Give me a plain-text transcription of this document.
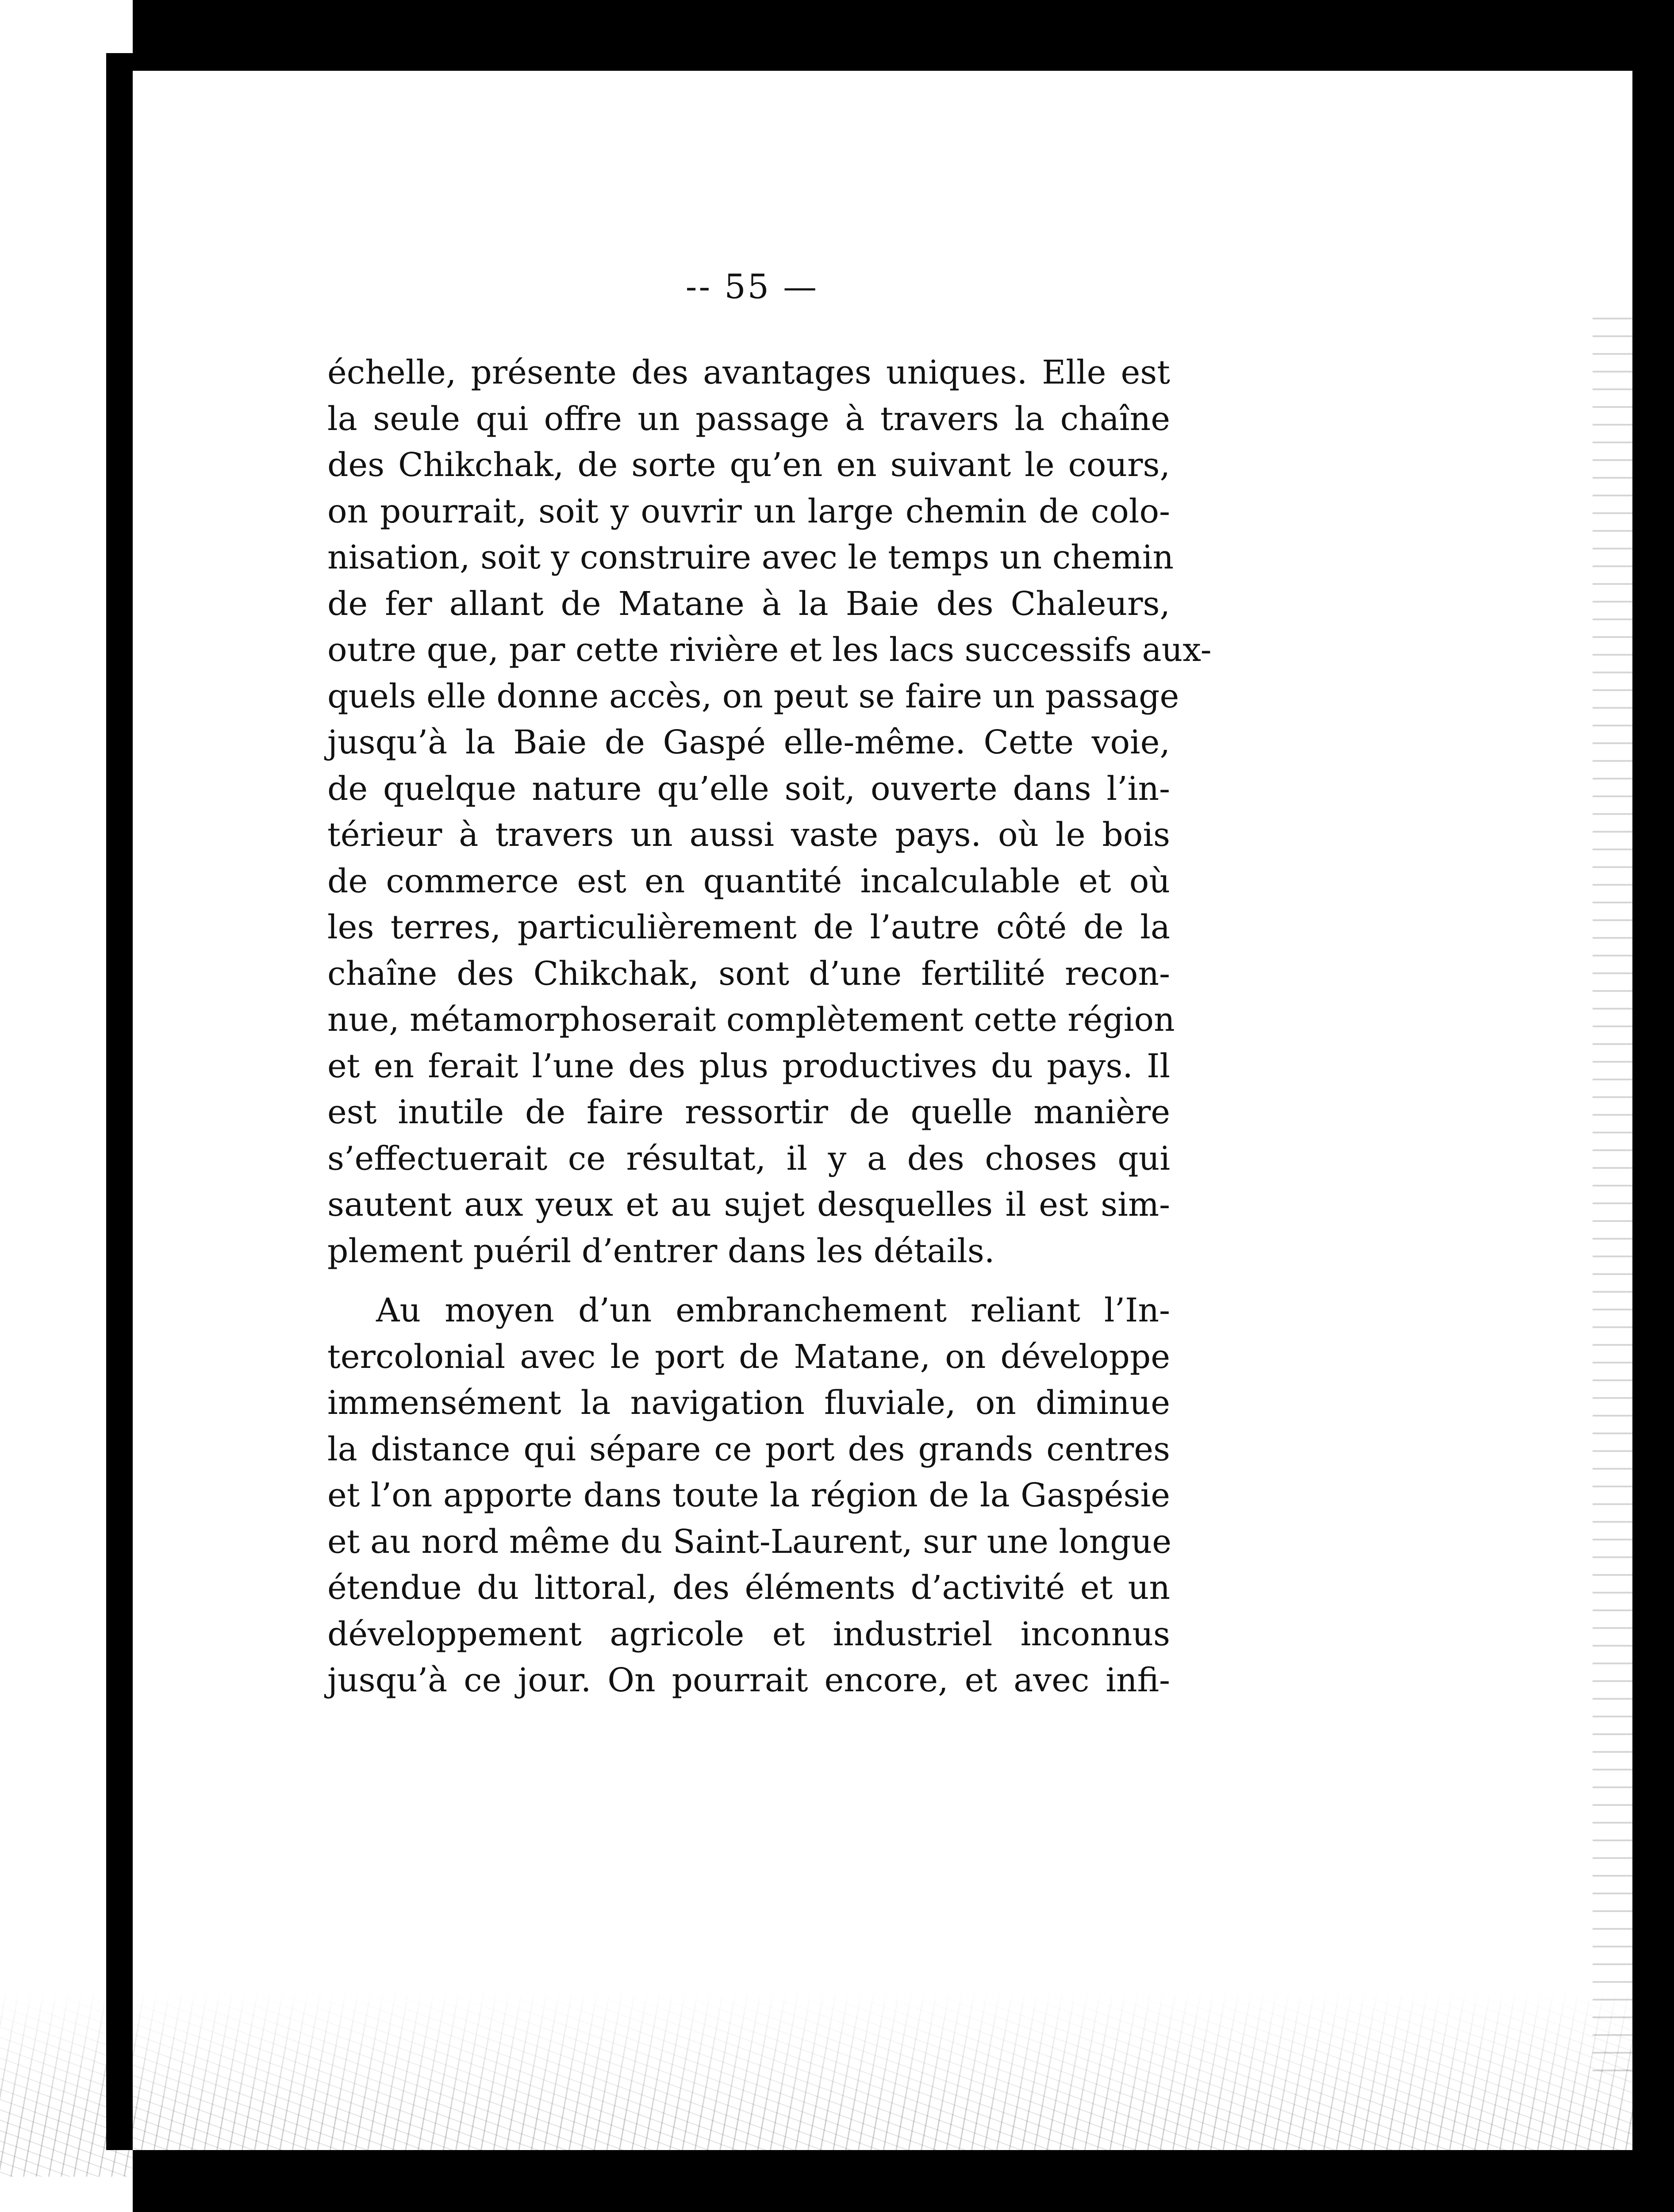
-- 55 —
échelle, présente des avantages uniques. Elle est
la seule qui offre un passage à travers la chaîne
des Chikchak, de sorte qu’en en suivant le cours,
on pourrait, soit y ouvrir un large chemin de colo-
nisation, soit y construire avec le temps un chemin
de fer allant de Matane à la Baie des Chaleurs,
outre que, par cette rivière et les lacs successifs aux-
quels elle donne accès, on peut se faire un passage
jusqu’à la Baie de Gaspé elle-même. Cette voie,
de quelque nature qu’elle soit, ouverte dans l’in-
térieur à travers un aussi vaste pays. où le bois
de commerce est en quantité incalculable et où
les terres, particulièrement de l’autre côté de la
chaîne des Chikchak, sont d’une fertilité recon-
nue, métamorphoserait complètement cette région
et en ferait l’une des plus productives du pays. Il
est inutile de faire ressortir de quelle manière
s’effectuerait ce résultat, il y a des choses qui
sautent aux yeux et au sujet desquelles il est sim-
plement puéril d’entrer dans les détails.
Au moyen d’un embranchement reliant l’In-
tercolonial avec le port de Matane, on développe
immensément la navigation fluviale, on diminue
la distance qui sépare ce port des grands centres
et l’on apporte dans toute la région de la Gaspésie
et au nord même du Saint-Laurent, sur une longue
étendue du littoral, des éléments d’activité et un
développement agricole et industriel inconnus
jusqu’à ce jour. On pourrait encore, et avec infi-
